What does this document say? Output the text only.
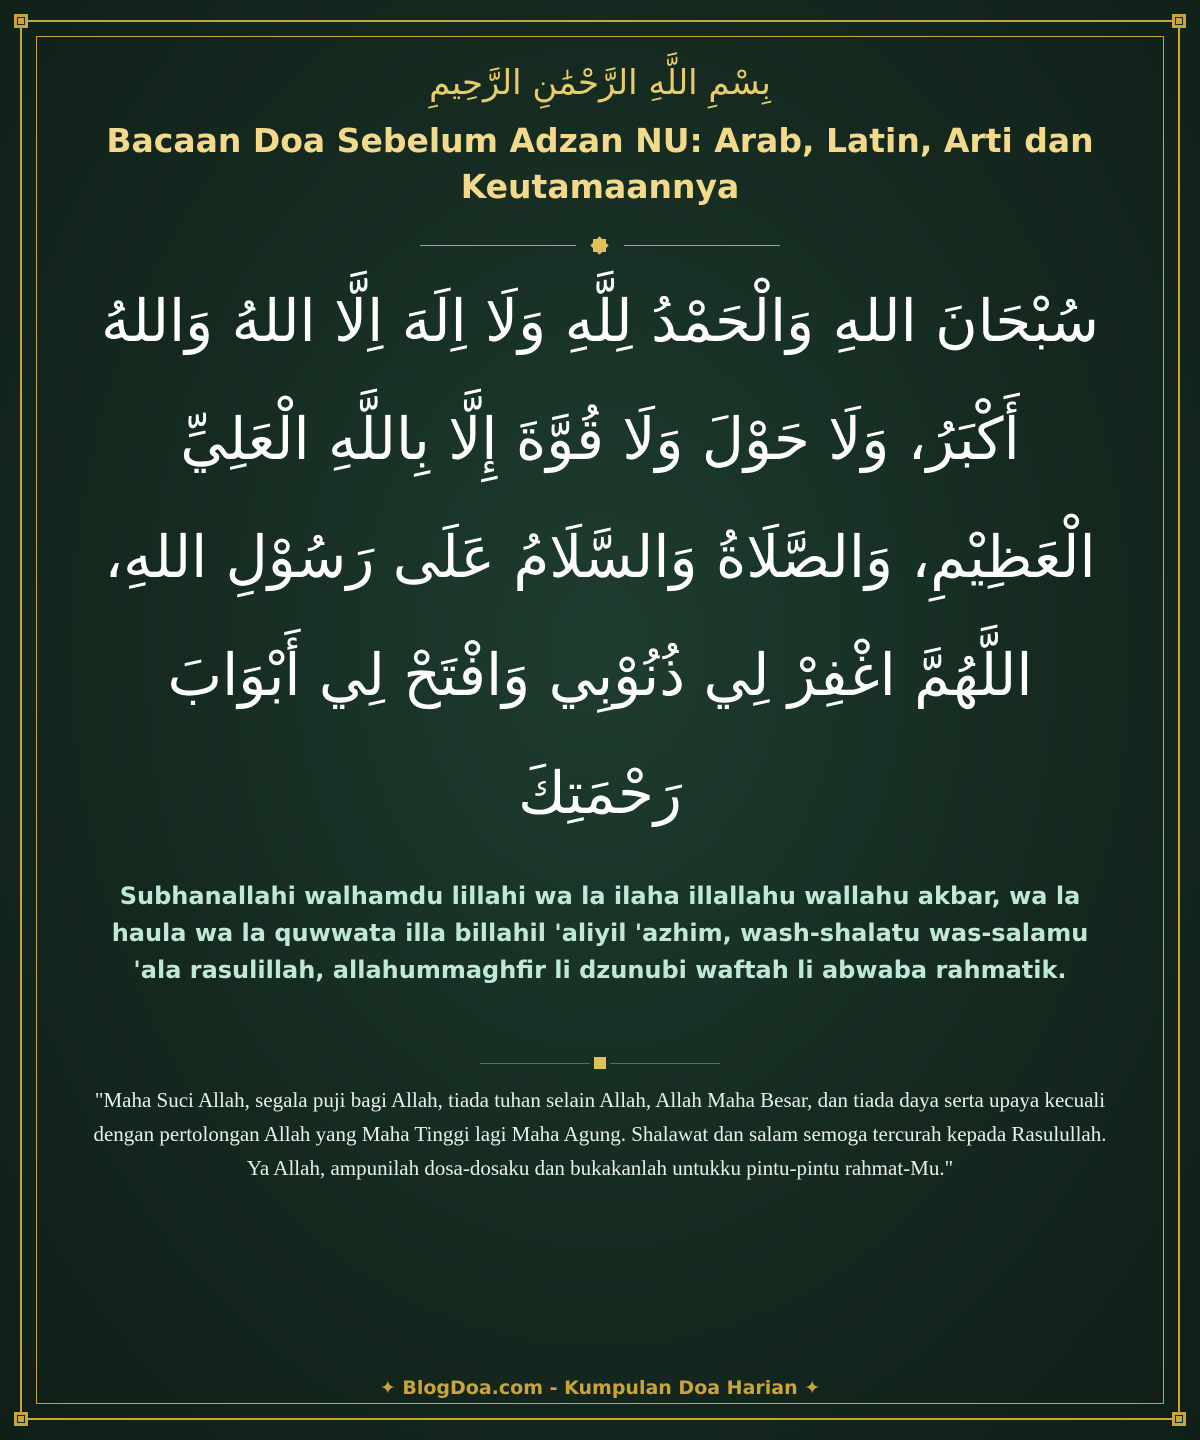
بِسْمِ اللَّهِ الرَّحْمَٰنِ الرَّحِيمِ
Bacaan Doa Sebelum Adzan NU: Arab, Latin, Arti dan Keutamaannya
سُبْحَانَ اللهِ وَالْحَمْدُ لِلَّهِ وَلَا اِلَهَ اِلَّا اللهُ وَاللهُ أَكْبَرُ، وَلَا حَوْلَ وَلَا قُوَّةَ إِلَّا بِاللَّهِ الْعَلِيِّ الْعَظِيْمِ، وَالصَّلَاةُ وَالسَّلَامُ عَلَى رَسُوْلِ اللهِ، اللَّهُمَّ اغْفِرْ لِي ذُنُوْبِي وَافْتَحْ لِي أَبْوَابَ رَحْمَتِكَ
Subhanallahi walhamdu lillahi wa la ilaha illallahu wallahu akbar, wa la haula wa la quwwata illa billahil 'aliyil 'azhim, wash-shalatu was-salamu 'ala rasulillah, allahummaghfir li dzunubi waftah li abwaba rahmatik.
"Maha Suci Allah, segala puji bagi Allah, tiada tuhan selain Allah, Allah Maha Besar, dan tiada daya serta upaya kecuali dengan pertolongan Allah yang Maha Tinggi lagi Maha Agung. Shalawat dan salam semoga tercurah kepada Rasulullah. Ya Allah, ampunilah dosa-dosaku dan bukakanlah untukku pintu-pintu rahmat-Mu."
✦ BlogDoa.com - Kumpulan Doa Harian ✦
